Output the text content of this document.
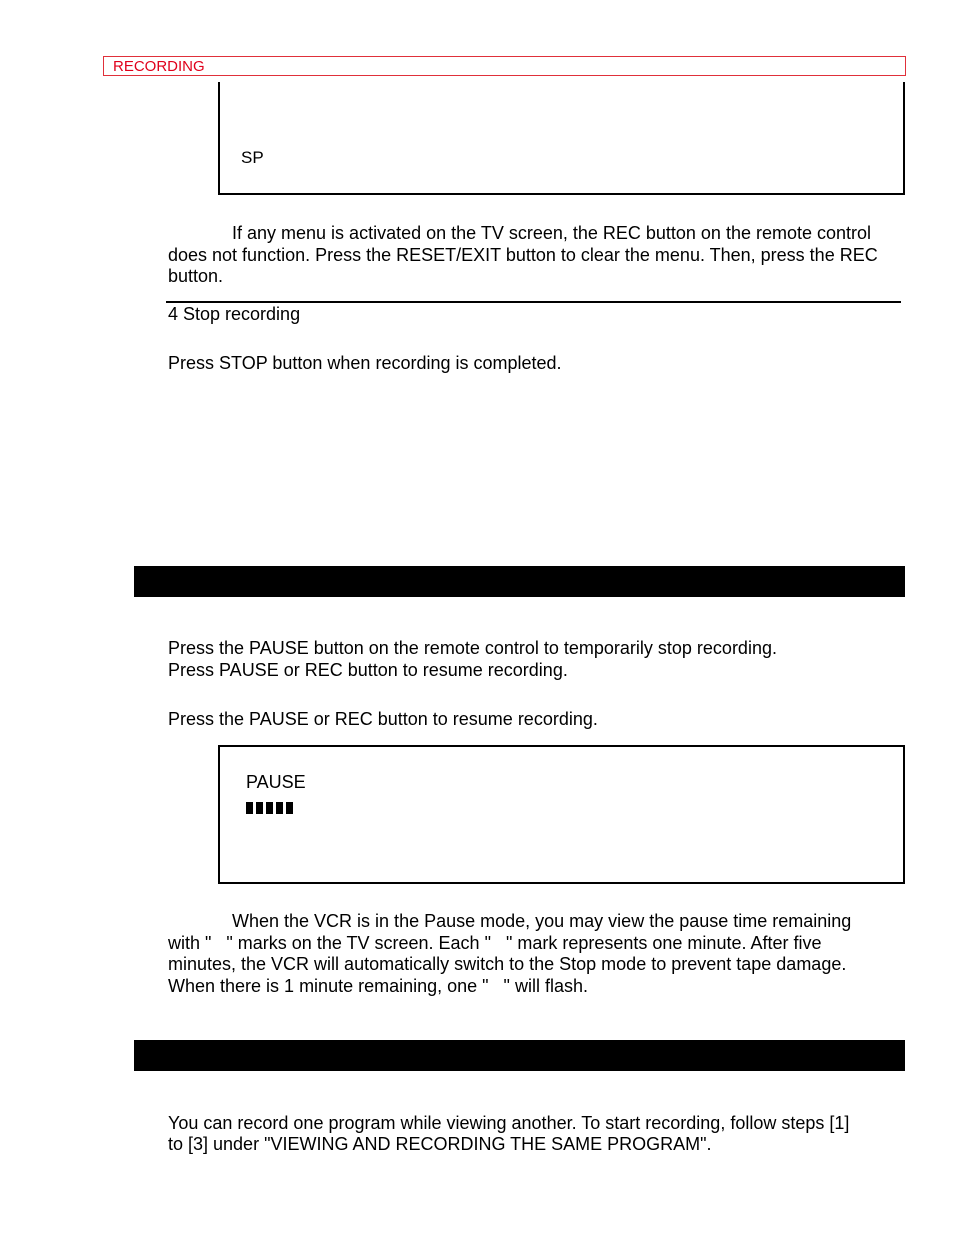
RECORDING
SP
If any menu is activated on the TV screen, the REC button on the remote control does not function. Press the RESET/EXIT button to clear the menu. Then, press the REC button.
4 Stop recording
Press STOP button when recording is completed.
Press the PAUSE button on the remote control to temporarily stop recording.
Press PAUSE or REC button to resume recording.
Press the PAUSE or REC button to resume recording.
PAUSE
When the VCR is in the Pause mode, you may view the pause time remaining
with "   " marks on the TV screen. Each "   " mark represents one minute. After five
minutes, the VCR will automatically switch to the Stop mode to prevent tape damage.
When there is 1 minute remaining, one "   " will flash.
You can record one program while viewing another. To start recording, follow steps [1]
to [3] under "VIEWING AND RECORDING THE SAME PROGRAM".
